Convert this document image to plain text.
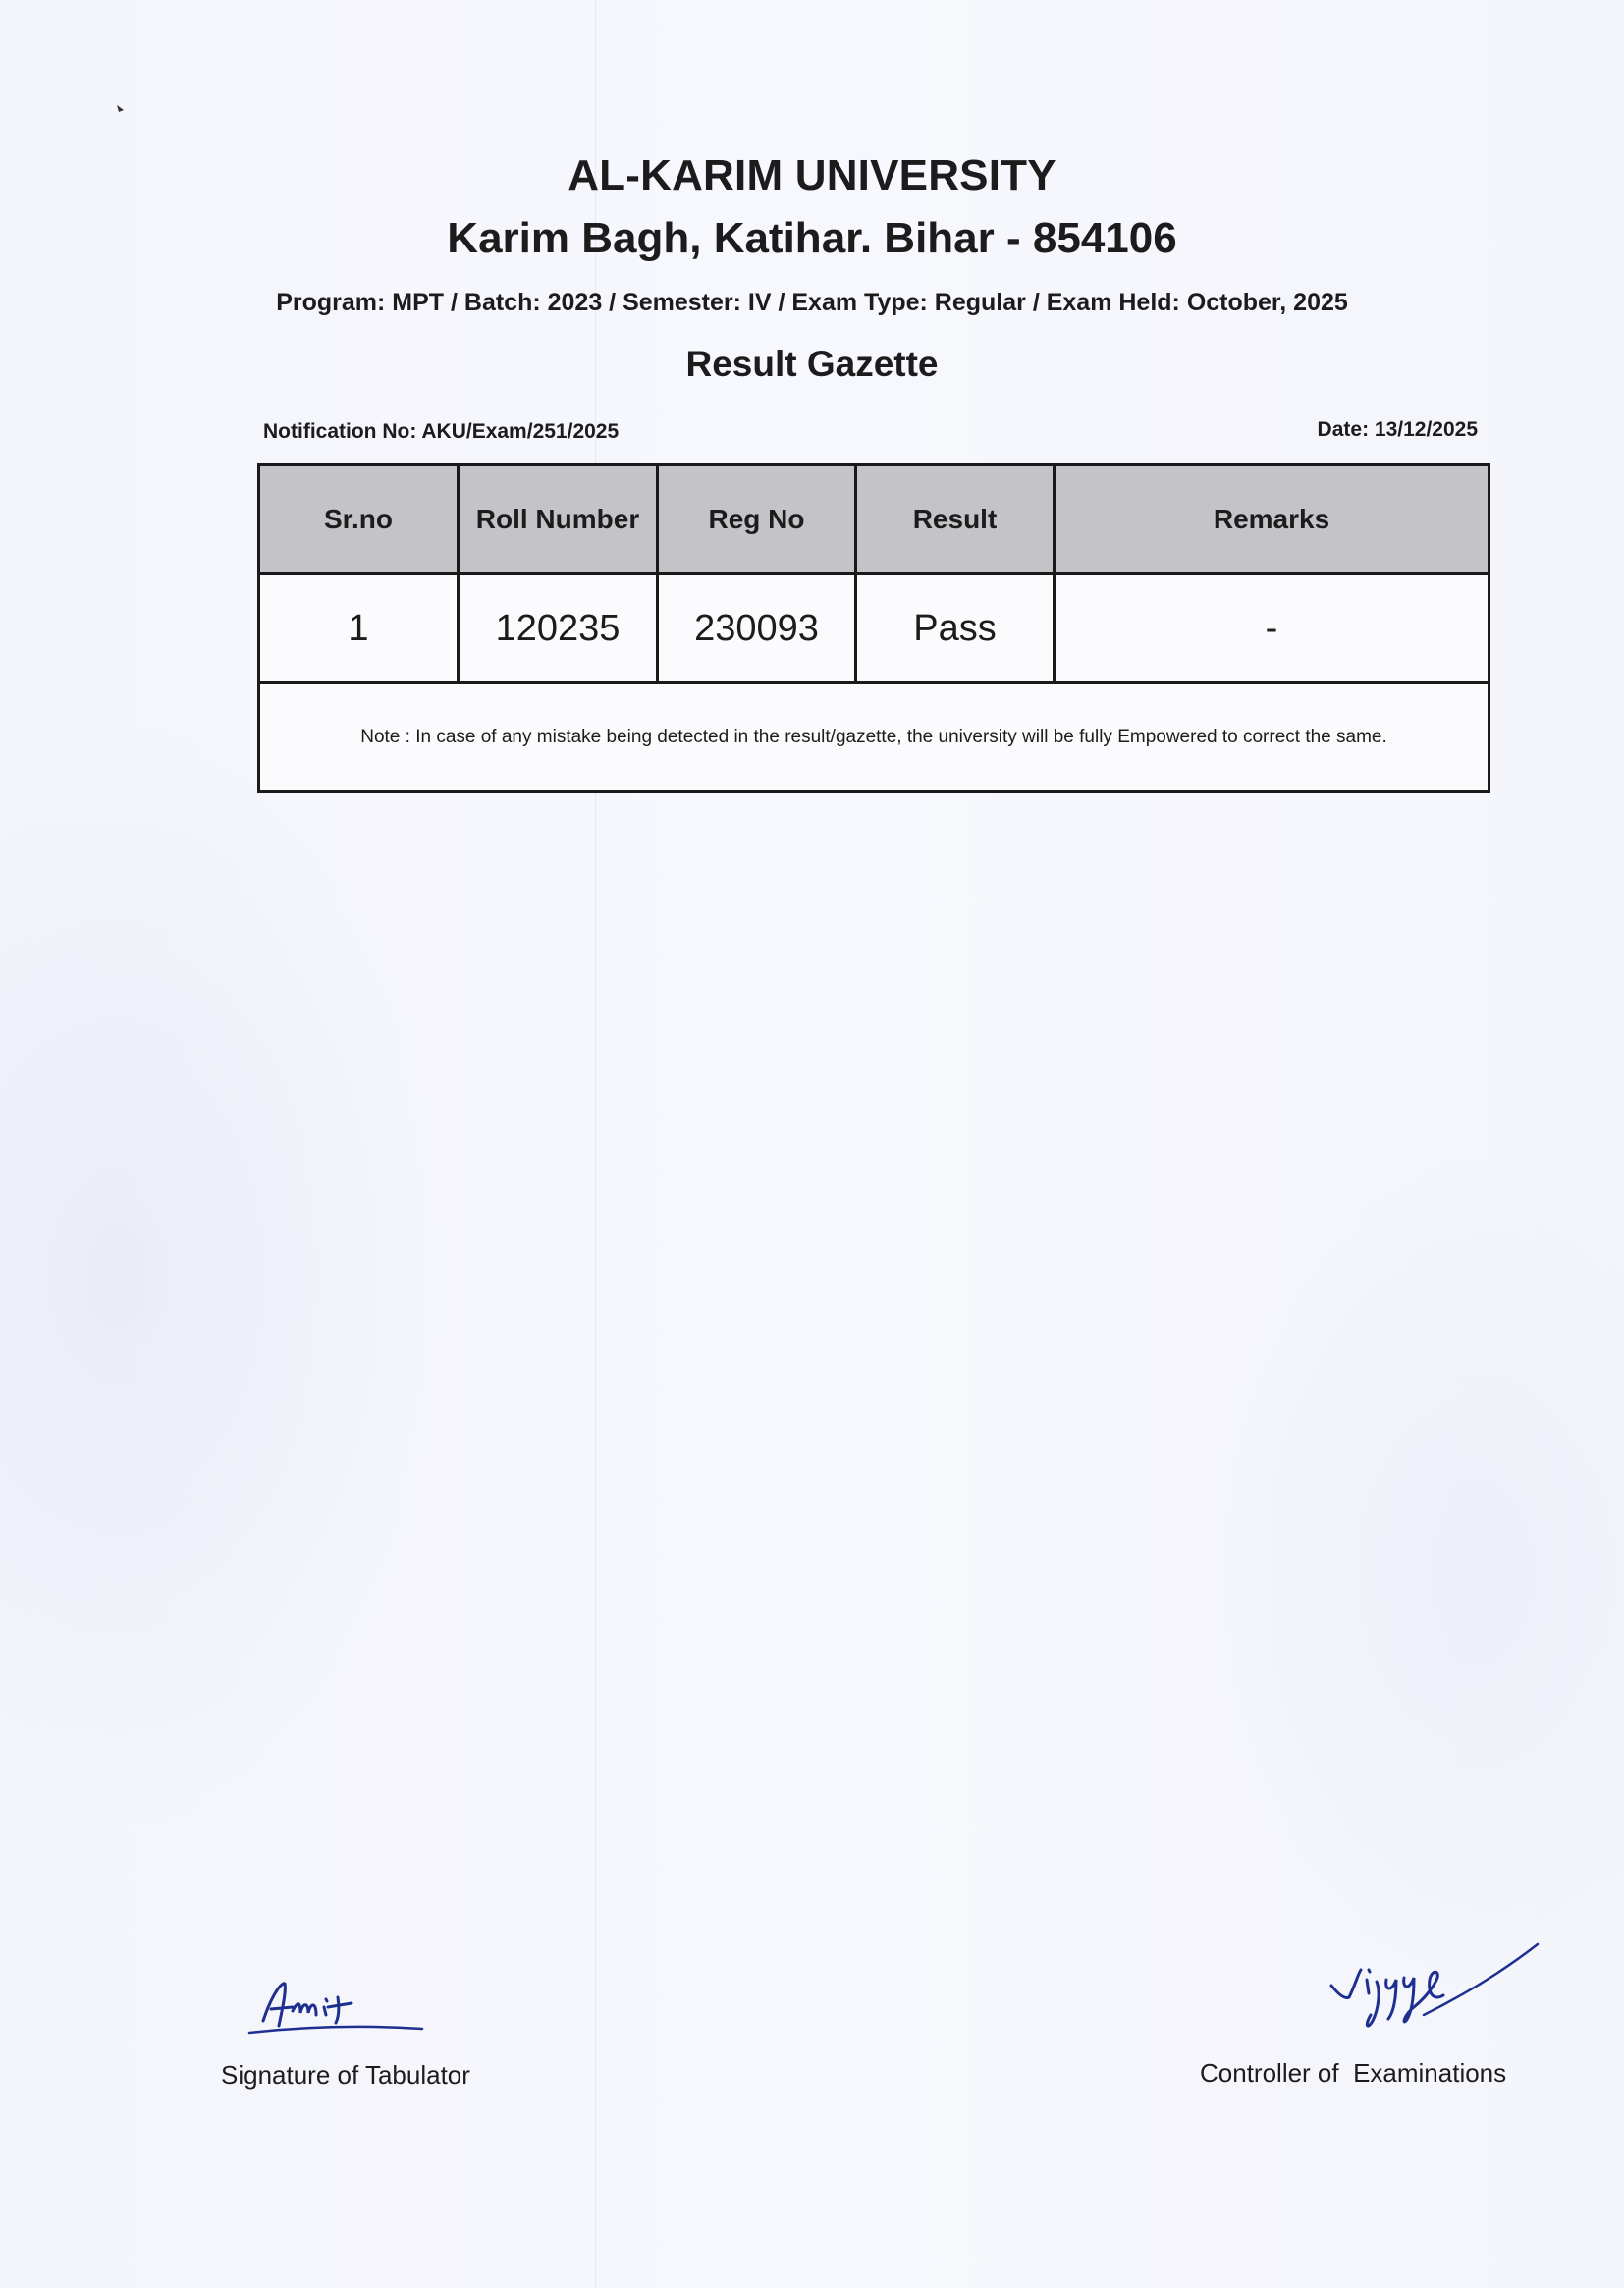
AL-KARIM UNIVERSITY
Karim Bagh, Katihar. Bihar - 854106
Program: MPT / Batch: 2023 / Semester: IV / Exam Type: Regular / Exam Held: October, 2025
Result Gazette
Notification No: AKU/Exam/251/2025	Date: 13/12/2025
Sr.no	Roll Number	Reg No	Result	Remarks
1	120235	230093	Pass	-
Note : In case of any mistake being detected in the result/gazette, the university will be fully Empowered to correct the same.				
Signature of Tabulator	Controller of  Examinations
